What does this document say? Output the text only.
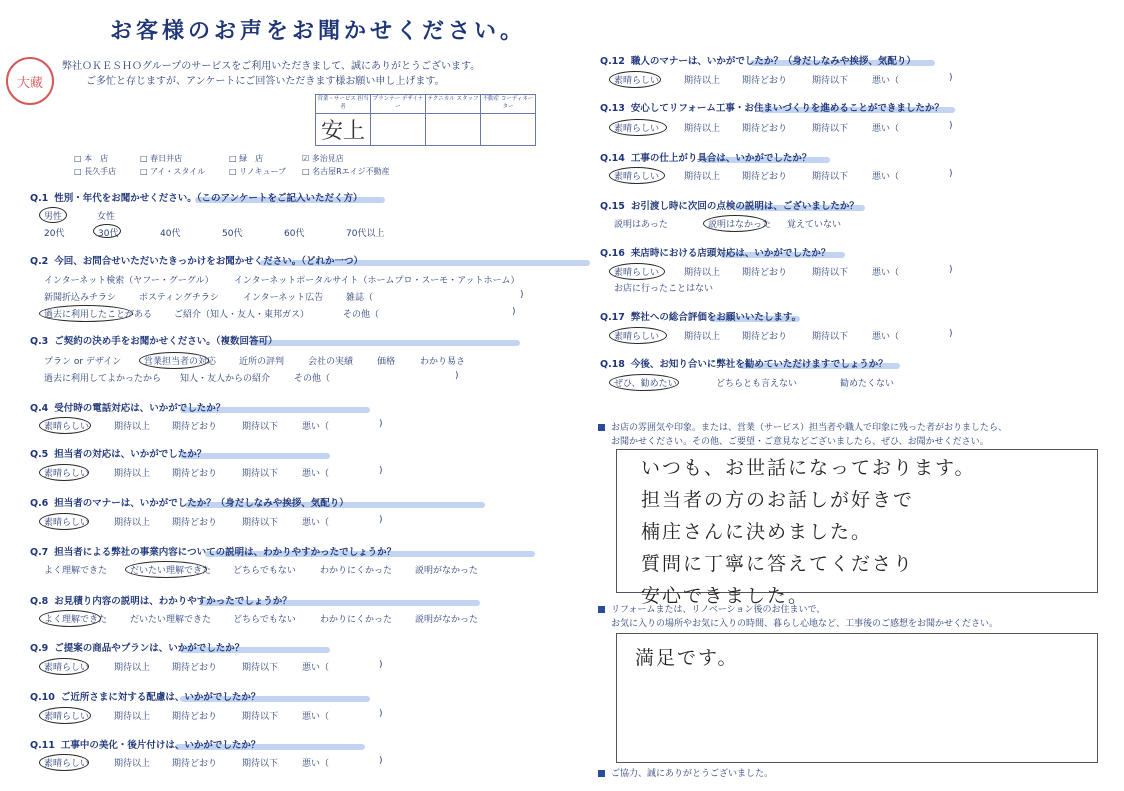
お客様のお声をお聞かせください。
弊社ＯＫＥＳＨＯグループのサービスをご利用いただきまして、誠にありがとうございます。
ご多忙と存じますが、アンケートにご回答いただきます様お願い申し上げます。
大藏
営業・サービス 担当者	プランナー デザイナー	テクニカル スタッフ	不動産 コーディネーター
安上			
□ 本　店	□ 春日井店	□ 緑　店	☑ 多治見店
□ 長久手店	□ アイ・スタイル	□ リノキューブ □ 名古屋Rエイジ不動産
Q.1 性別・年代をお聞かせください。（このアンケートをご記入いただく方）
男性	女性
20代	30代	40代	50代	60代	70代以上
Q.2 今回、お問合せいただいたきっかけをお聞かせください。（どれか一つ）
インターネット検索（ヤフー・グーグル） インターネットポータルサイト（ホームプロ・スーモ・アットホーム）
新聞折込みチラシ	ポスティングチラシ	インターネット広告	雑誌（	)
過去に利用したことがある ご紹介（知人・友人・東邦ガス）	その他（	)
Q.3 ご契約の決め手をお聞かせください。（複数回答可）
プラン or デザイン	営業担当者の対応	近所の評判	会社の実績	価格	わかり易さ
過去に利用してよかったから 知人・友人からの紹介	その他（	)
Q.4 受付時の電話対応は、いかがでしたか？
素晴らしい	期待以上 期待どおり	期待以下	悪い（	)
Q.5 担当者の対応は、いかがでしたか？
素晴らしい	期待以上 期待どおり	期待以下	悪い（	)
Q.6 担当者のマナーは、いかがでしたか？（身だしなみや挨拶、気配り）
素晴らしい	期待以上 期待どおり	期待以下	悪い（	)
Q.7 担当者による弊社の事業内容についての説明は、わかりやすかったでしょうか？
よく理解できた	だいたい理解できた どちらでもない	わかりにくかった	説明がなかった
Q.8 お見積り内容の説明は、わかりやすかったでしょうか？
よく理解できた	だいたい理解できた どちらでもない	わかりにくかった	説明がなかった
Q.9 ご提案の商品やプランは、いかがでしたか？
素晴らしい	期待以上 期待どおり	期待以下	悪い（	)
Q.10 ご近所さまに対する配慮は、いかがでしたか？
素晴らしい	期待以上 期待どおり	期待以下	悪い（	)
Q.11 工事中の美化・後片付けは、いかがでしたか？
素晴らしい	期待以上 期待どおり	期待以下	悪い（	)
Q.12 職人のマナーは、いかがでしたか？（身だしなみや挨拶、気配り）
素晴らしい	期待以上 期待どおり	期待以下	悪い（	)
Q.13 安心してリフォーム工事・お住まいづくりを進めることができましたか？
素晴らしい	期待以上 期待どおり	期待以下	悪い（	)
Q.14 工事の仕上がり具合は、いかがでしたか？
素晴らしい	期待以上 期待どおり	期待以下	悪い（	)
Q.15 お引渡し時に次回の点検の説明は、ございましたか？
説明はあった	説明はなかった 覚えていない
Q.16 来店時における店頭対応は、いかがでしたか？
素晴らしい	期待以上 期待どおり	期待以下	悪い（	)
お店に行ったことはない
Q.17 弊社への総合評価をお願いいたします。
素晴らしい	期待以上 期待どおり	期待以下	悪い（	)
Q.18 今後、お知り合いに弊社を勧めていただけますでしょうか？
ぜひ、勧めたい	どちらとも言えない	勧めたくない
お店の雰囲気や印象。または、営業（サービス）担当者や職人で印象に残った者がおりましたら、
お聞かせください。その他、ご要望・ご意見などございましたら、ぜひ、お聞かせください。
いつも、お世話になっております。
担当者の方のお話しが好きで
楠庄さんに決めました。
質問に丁寧に答えてくださり
安心できました。
リフォームまたは、リノベーション後のお住まいで、
お気に入りの場所やお気に入りの時間、暮らし心地など、工事後のご感想をお聞かせください。
満足です。
ご協力、誠にありがとうございました。
